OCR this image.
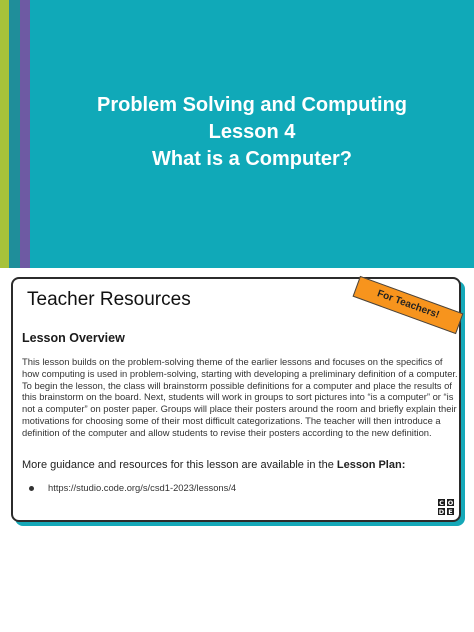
Problem Solving and Computing
Lesson 4
What is a Computer?
Teacher Resources	For Teachers!
Lesson Overview

This lesson builds on the problem-solving theme of the earlier lessons and focuses on the specifics of how computing is used in problem-solving, starting with developing a preliminary definition of a computer. To begin the lesson, the class will brainstorm possible definitions for a computer and place the results of this brainstorm on the board. Next, students will work in groups to sort pictures into “is a computer” or “is not a computer” on poster paper. Groups will place their posters around the room and briefly explain their motivations for choosing some of their most difficult categorizations. The teacher will then introduce a definition of the computer and allow students to revise their posters according to the new definition.

More guidance and resources for this lesson are available in the Lesson Plan:
https://studio.code.org/s/csd1-2023/lessons/4
C O
D E
